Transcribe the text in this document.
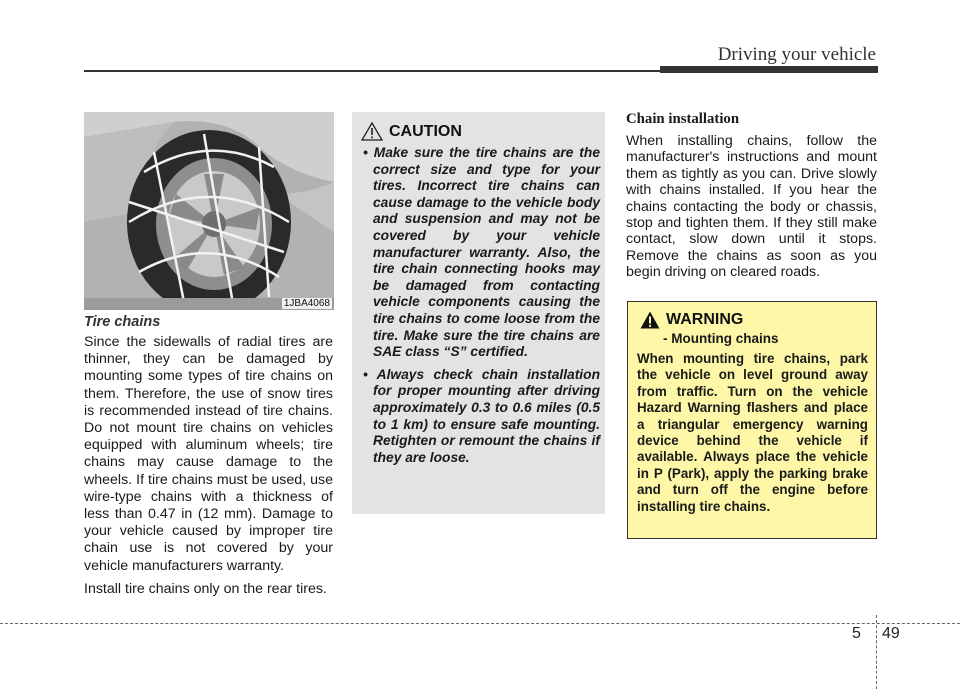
Driving your vehicle
1JBA4068
Tire chains

Since the sidewalls of radial tires are thinner, they can be damaged by mounting some types of tire chains on them. Therefore, the use of snow tires is recommended instead of tire chains. Do not mount tire chains on vehicles equipped with aluminum wheels; tire chains may cause damage to the wheels. If tire chains must be used, use wire-type chains with a thickness of less than 0.47 in (12 mm). Damage to your vehicle caused by improper tire chain use is not covered by your vehicle manufacturers warranty.

Install tire chains only on the rear tires.

CAUTION
• Make sure the tire chains are the correct size and type for your tires. Incorrect tire chains can cause damage to the vehicle body and suspension and may not be covered by your vehicle manufacturer warranty. Also, the tire chain connecting hooks may be damaged from contacting vehicle components causing the tire chains to come loose from the tire. Make sure the tire chains are SAE class “S” certified.
• Always check chain installation for proper mounting after driving approximately 0.3 to 0.6 miles (0.5 to 1 km) to ensure safe mounting. Retighten or remount the chains if they are loose.
Chain installation

When installing chains, follow the manufacturer's instructions and mount them as tightly as you can. Drive slowly with chains installed. If you hear the chains contacting the body or chassis, stop and tighten them. If they still make contact, slow down until it stops. Remove the chains as soon as you begin driving on cleared roads.

WARNING
- Mounting chains

When mounting tire chains, park the vehicle on level ground away from traffic. Turn on the vehicle Hazard Warning flashers and place a triangular emergency warning device behind the vehicle if available. Always place the vehicle in P (Park), apply the parking brake and turn off the engine before installing tire chains.

5 49
